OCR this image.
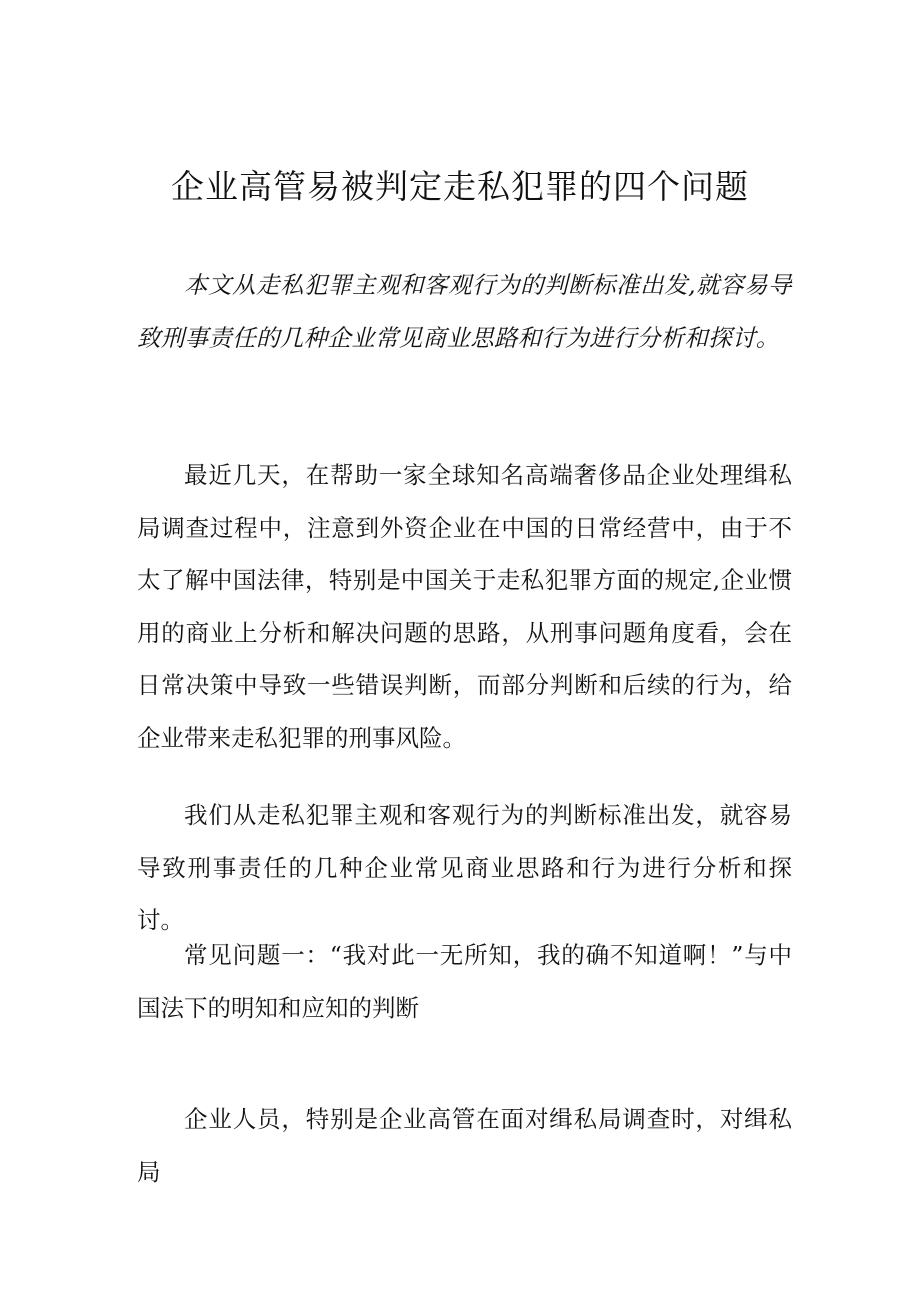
企业高管易被判定走私犯罪的四个问题

本文从走私犯罪主观和客观行为的判断标准出发,就容易导致刑事责任的几种企业常见商业思路和行为进行分析和探讨。

最近几天，在帮助一家全球知名高端奢侈品企业处理缉私局调查过程中，注意到外资企业在中国的日常经营中，由于不太了解中国法律，特别是中国关于走私犯罪方面的规定,企业惯用的商业上分析和解决问题的思路，从刑事问题角度看，会在日常决策中导致一些错误判断，而部分判断和后续的行为，给企业带来走私犯罪的刑事风险。

我们从走私犯罪主观和客观行为的判断标准出发，就容易导致刑事责任的几种企业常见商业思路和行为进行分析和探讨。

常见问题一：“我对此一无所知，我的确不知道啊！”与中国法下的明知和应知的判断

企业人员，特别是企业高管在面对缉私局调查时，对缉私局
